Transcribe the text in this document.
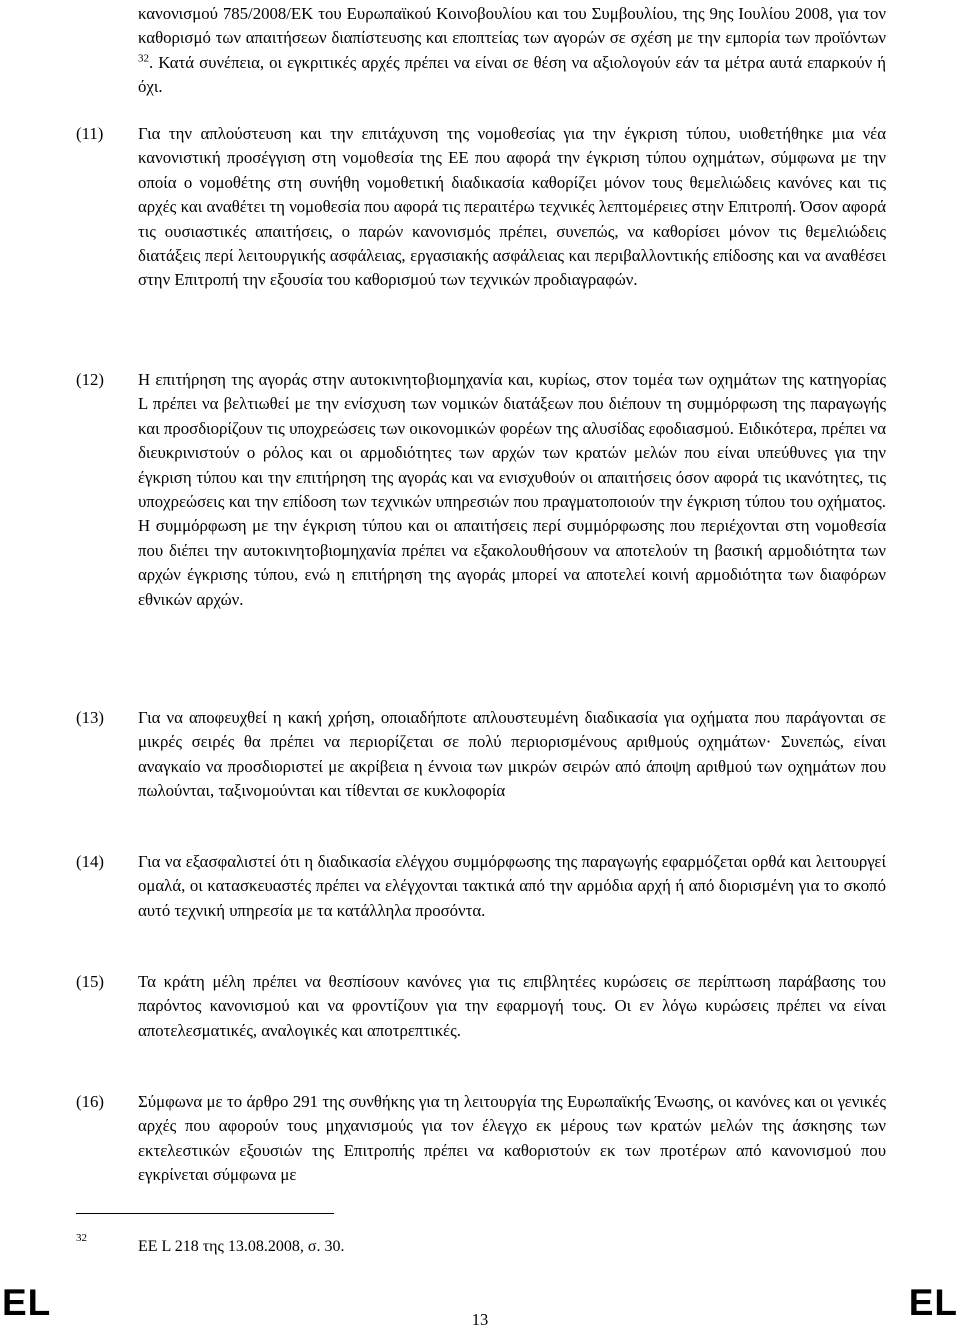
κανονισμού 785/2008/ΕΚ του Ευρωπαϊκού Κοινοβουλίου και του Συμβουλίου, της 9ης Ιουλίου 2008, για τον καθορισμό των απαιτήσεων διαπίστευσης και εποπτείας των αγορών σε σχέση με την εμπορία των προϊόντων $^{32}$. Κατά συνέπεια, οι εγκριτικές αρχές πρέπει να είναι σε θέση να αξιολογούν εάν τα μέτρα αυτά επαρκούν ή όχι.
(11) Για την απλούστευση και την επιτάχυνση της νομοθεσίας για την έγκριση τύπου, υιοθετήθηκε μια νέα κανονιστική προσέγγιση στη νομοθεσία της ΕΕ που αφορά την έγκριση τύπου οχημάτων, σύμφωνα με την οποία ο νομοθέτης στη συνήθη νομοθετική διαδικασία καθορίζει μόνον τους θεμελιώδεις κανόνες και τις αρχές και αναθέτει τη νομοθεσία που αφορά τις περαιτέρω τεχνικές λεπτομέρειες στην Επιτροπή. Όσον αφορά τις ουσιαστικές απαιτήσεις, ο παρών κανονισμός πρέπει, συνεπώς, να καθορίσει μόνον τις θεμελιώδεις διατάξεις περί λειτουργικής ασφάλειας, εργασιακής ασφάλειας και περιβαλλοντικής επίδοσης και να αναθέσει στην Επιτροπή την εξουσία του καθορισμού των τεχνικών προδιαγραφών.
(12) Η επιτήρηση της αγοράς στην αυτοκινητοβιομηχανία και, κυρίως, στον τομέα των οχημάτων της κατηγορίας L πρέπει να βελτιωθεί με την ενίσχυση των νομικών διατάξεων που διέπουν τη συμμόρφωση της παραγωγής και προσδιορίζουν τις υποχρεώσεις των οικονομικών φορέων της αλυσίδας εφοδιασμού. Ειδικότερα, πρέπει να διευκρινιστούν ο ρόλος και οι αρμοδιότητες των αρχών των κρατών μελών που είναι υπεύθυνες για την έγκριση τύπου και την επιτήρηση της αγοράς και να ενισχυθούν οι απαιτήσεις όσον αφορά τις ικανότητες, τις υποχρεώσεις και την επίδοση των τεχνικών υπηρεσιών που πραγματοποιούν την έγκριση τύπου του οχήματος. Η συμμόρφωση με την έγκριση τύπου και οι απαιτήσεις περί συμμόρφωσης που περιέχονται στη νομοθεσία που διέπει την αυτοκινητοβιομηχανία πρέπει να εξακολουθήσουν να αποτελούν τη βασική αρμοδιότητα των αρχών έγκρισης τύπου, ενώ η επιτήρηση της αγοράς μπορεί να αποτελεί κοινή αρμοδιότητα των διαφόρων εθνικών αρχών.
(13) Για να αποφευχθεί η κακή χρήση, οποιαδήποτε απλουστευμένη διαδικασία για οχήματα που παράγονται σε μικρές σειρές θα πρέπει να περιορίζεται σε πολύ περιορισμένους αριθμούς οχημάτων· Συνεπώς, είναι αναγκαίο να προσδιοριστεί με ακρίβεια η έννοια των μικρών σειρών από άποψη αριθμού των οχημάτων που πωλούνται, ταξινομούνται και τίθενται σε κυκλοφορία
(14) Για να εξασφαλιστεί ότι η διαδικασία ελέγχου συμμόρφωσης της παραγωγής εφαρμόζεται ορθά και λειτουργεί ομαλά, οι κατασκευαστές πρέπει να ελέγχονται τακτικά από την αρμόδια αρχή ή από διορισμένη για το σκοπό αυτό τεχνική υπηρεσία με τα κατάλληλα προσόντα.
(15) Τα κράτη μέλη πρέπει να θεσπίσουν κανόνες για τις επιβλητέες κυρώσεις σε περίπτωση παράβασης του παρόντος κανονισμού και να φροντίζουν για την εφαρμογή τους. Οι εν λόγω κυρώσεις πρέπει να είναι αποτελεσματικές, αναλογικές και αποτρεπτικές.
(16) Σύμφωνα με το άρθρο 291 της συνθήκης για τη λειτουργία της Ευρωπαϊκής Ένωσης, οι κανόνες και οι γενικές αρχές που αφορούν τους μηχανισμούς για τον έλεγχο εκ μέρους των κρατών μελών της άσκησης των εκτελεστικών εξουσιών της Επιτροπής πρέπει να καθοριστούν εκ των προτέρων από κανονισμού που εγκρίνεται σύμφωνα με
32	ΕΕ L 218 της 13.08.2008, σ. 30.
EL	13	EL
